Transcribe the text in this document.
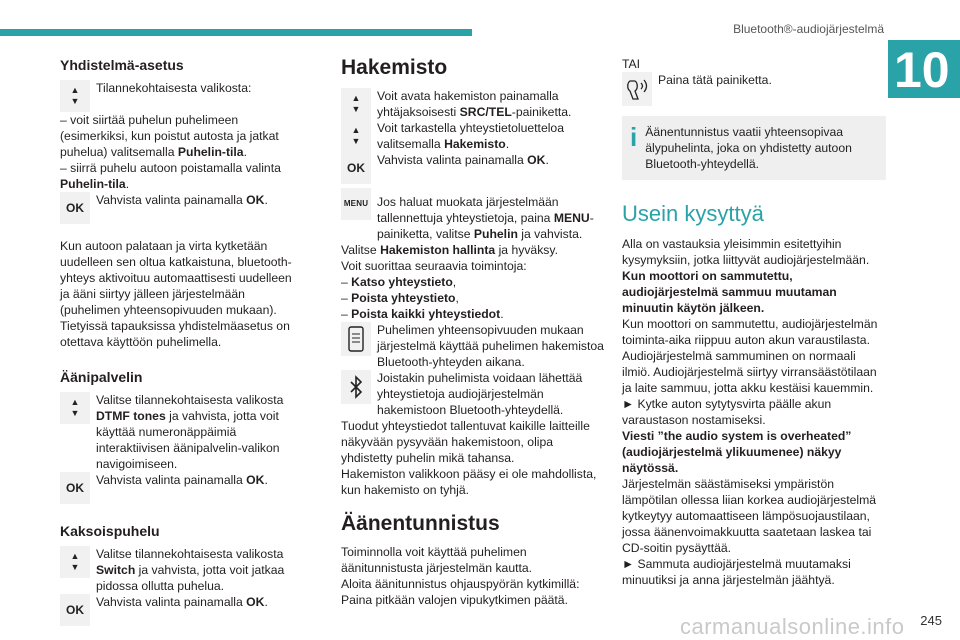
Bluetooth®-audiojärjestelmä
10
Yhdistelmä-asetus
▲
▼
Tilannekohtaisesta valikosta:

– voit siirtää puhelun puhelimeen (esimerkiksi, kun poistut autosta ja jatkat puhelua) valitsemalla Puhelin-tila.

– siirrä puhelu autoon poistamalla valinta Puhelin-tila.

OK
Vahvista valinta painamalla OK.

Kun autoon palataan ja virta kytketään uudelleen sen oltua katkaistuna, bluetooth-yhteys aktivoituu automaattisesti uudelleen ja ääni siirtyy jälleen järjestelmään (puhelimen yhteensopivuuden mukaan).

Tietyissä tapauksissa yhdistelmäasetus on otettava käyttöön puhelimella.

Äänipalvelin
▲
▼
Valitse tilannekohtaisesta valikosta DTMF tones ja vahvista, jotta voit käyttää numeronäppäimiä interaktiivisen äänipalvelin-valikon navigoimiseen.
OK
Vahvista valinta painamalla OK.
Kaksoispuhelu
▲
▼
Valitse tilannekohtaisesta valikosta Switch ja vahvista, jotta voit jatkaa pidossa ollutta puhelua.
OK
Vahvista valinta painamalla OK.
Hakemisto
▲
▼
Voit avata hakemiston painamalla yhtäjaksoisesti SRC/TEL-painiketta.
▲
▼
Voit tarkastella yhteystietoluetteloa valitsemalla Hakemisto.
OK
Vahvista valinta painamalla OK.
MENU Jos haluat muokata järjestelmään tallennettuja yhteystietoja, paina MENU-painiketta, valitse Puhelin ja vahvista.

Valitse Hakemiston hallinta ja hyväksy.

Voit suorittaa seuraavia toimintoja:

– Katso yhteystieto,

– Poista yhteystieto,

– Poista kaikki yhteystiedot.

Puhelimen yhteensopivuuden mukaan järjestelmä käyttää puhelimen hakemistoa Bluetooth-yhteyden aikana.
Joistakin puhelimista voidaan lähettää yhteystietoja audiojärjestelmän hakemistoon Bluetooth-yhteydellä.

Tuodut yhteystiedot tallentuvat kaikille laitteille näkyvään pysyvään hakemistoon, olipa yhdistetty puhelin mikä tahansa.

Hakemiston valikkoon pääsy ei ole mahdollista, kun hakemisto on tyhjä.

Äänentunnistus

Toiminnolla voit käyttää puhelimen äänitunnistusta järjestelmän kautta.

Aloita äänitunnistus ohjauspyörän kytkimillä: Paina pitkään valojen vipukytkimen päätä.

TAI

Paina tätä painiketta.
i Äänentunnistus vaatii yhteensopivaa älypuhelinta, joka on yhdistetty autoon Bluetooth-yhteydellä.
Usein kysyttyä

Alla on vastauksia yleisimmin esitettyihin kysymyksiin, jotka liittyvät audiojärjestelmään.

Kun moottori on sammutettu, audiojärjestelmä sammuu muutaman minuutin käytön jälkeen.

Kun moottori on sammutettu, audiojärjestelmän toiminta-aika riippuu auton akun varaustilasta.

Audiojärjestelmä sammuminen on normaali ilmiö. Audiojärjestelmä siirtyy virransäästötilaan ja laite sammuu, jotta akku kestäisi kauemmin.

► Kytke auton sytytysvirta päälle akun varaustason nostamiseksi.

Viesti ”the audio system is overheated” (audiojärjestelmä ylikuumenee) näkyy näytössä.

Järjestelmän säästämiseksi ympäristön lämpötilan ollessa liian korkea audiojärjestelmä kytkeytyy automaattiseen lämpösuojaustilaan, jossa äänenvoimakkuutta saatetaan laskea tai CD-soitin pysäyttää.

► Sammuta audiojärjestelmä muutamaksi minuutiksi ja anna järjestelmän jäähtyä.

carmanualsonline.info 245
